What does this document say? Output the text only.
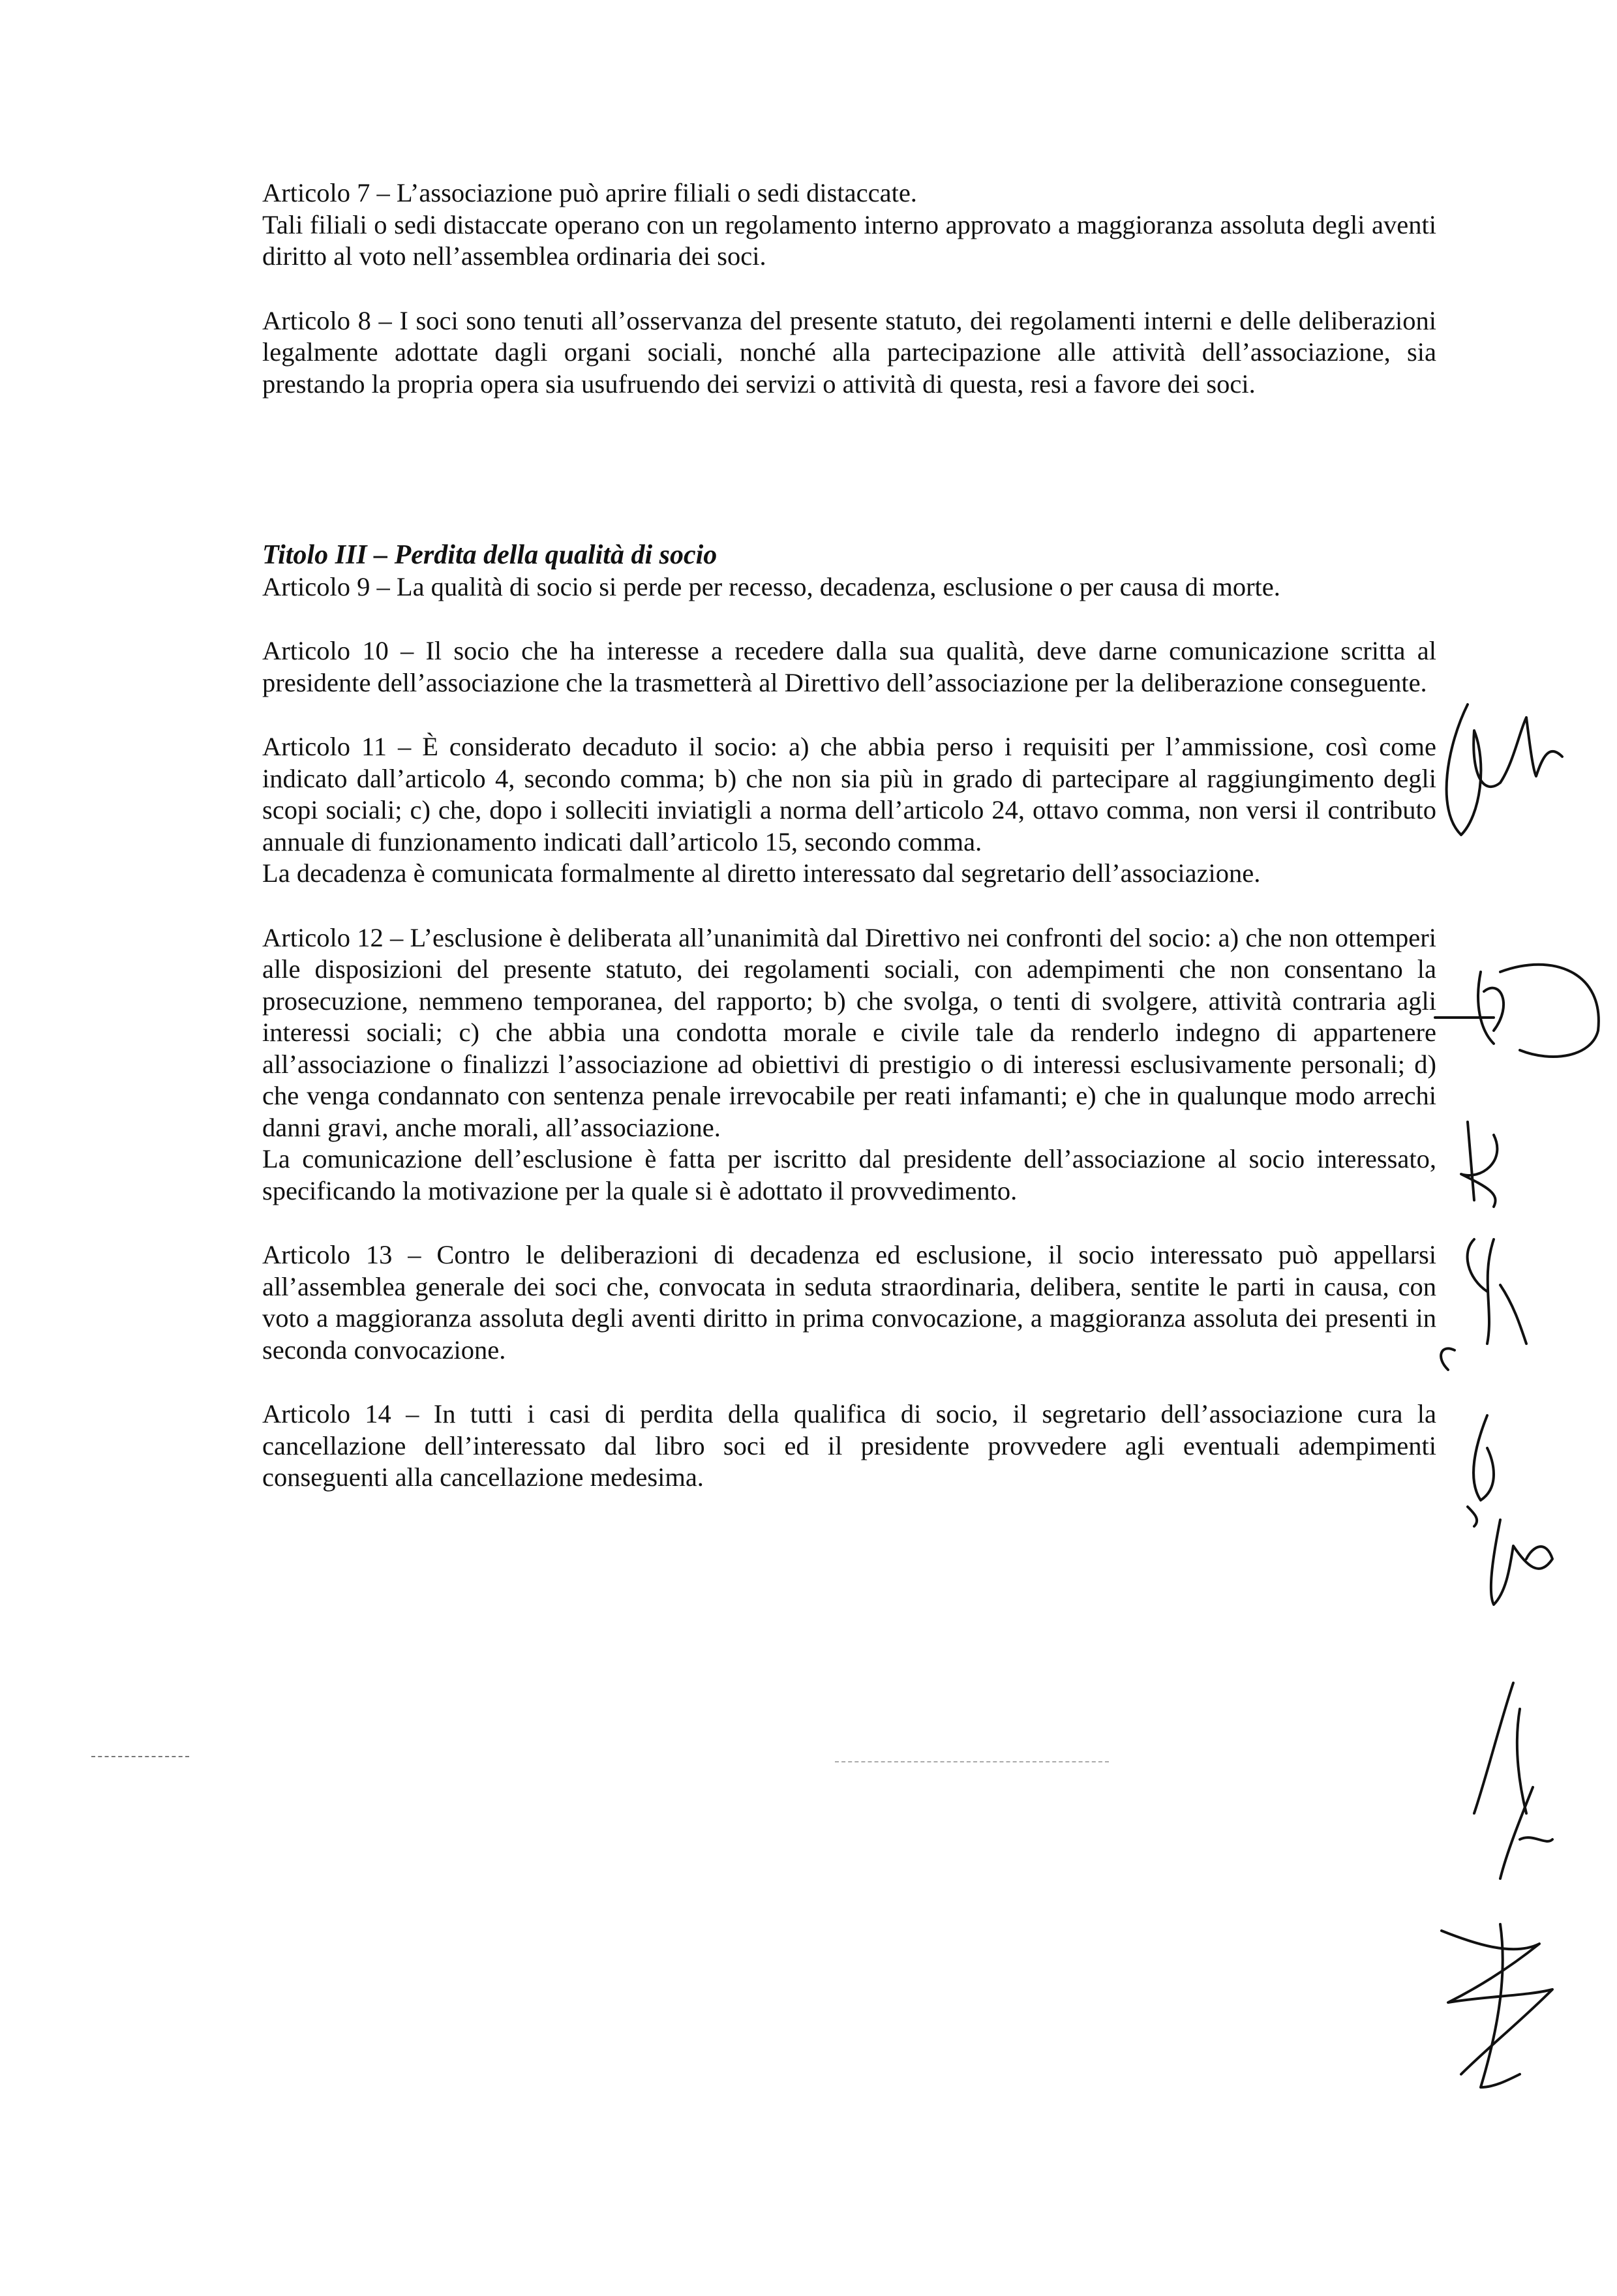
Articolo 7 – L’associazione può aprire filiali o sedi distaccate.

Tali filiali o sedi distaccate operano con un regolamento interno approvato a maggioranza assoluta degli aventi diritto al voto nell’assemblea ordinaria dei soci.

Articolo 8 – I soci sono tenuti all’osservanza del presente statuto, dei regolamenti interni e delle deliberazioni legalmente adottate dagli organi sociali, nonché alla partecipazione alle attività dell’associazione, sia prestando la propria opera sia usufruendo dei servizi o attività di questa, resi a favore dei soci.

Titolo III – Perdita della qualità di socio

Articolo 9 – La qualità di socio si perde per recesso, decadenza, esclusione o per causa di morte.

Articolo 10 – Il socio che ha interesse a recedere dalla sua qualità, deve darne comunicazione scritta al presidente dell’associazione che la trasmetterà al Direttivo dell’associazione per la deliberazione conseguente.

Articolo 11 – È considerato decaduto il socio: a) che abbia perso i requisiti per l’ammissione, così come indicato dall’articolo 4, secondo comma; b) che non sia più in grado di partecipare al raggiungimento degli scopi sociali; c) che, dopo i solleciti inviatigli a norma dell’articolo 24, ottavo comma, non versi il contributo annuale di funzionamento indicati dall’articolo 15, secondo comma.

La decadenza è comunicata formalmente al diretto interessato dal segretario dell’associazione.

Articolo 12 – L’esclusione è deliberata all’unanimità dal Direttivo nei confronti del socio: a) che non ottemperi alle disposizioni del presente statuto, dei regolamenti sociali, con adempimenti che non consentano la prosecuzione, nemmeno temporanea, del rapporto; b) che svolga, o tenti di svolgere, attività contraria agli interessi sociali; c) che abbia una condotta morale e civile tale da renderlo indegno di appartenere all’associazione o finalizzi l’associazione ad obiettivi di prestigio o di interessi esclusivamente personali; d) che venga condannato con sentenza penale irrevocabile per reati infamanti; e) che in qualunque modo arrechi danni gravi, anche morali, all’associazione.

La comunicazione dell’esclusione è fatta per iscritto dal presidente dell’associazione al socio interessato, specificando la motivazione per la quale si è adottato il provvedimento.

Articolo 13 – Contro le deliberazioni di decadenza ed esclusione, il socio interessato può appellarsi all’assemblea generale dei soci che, convocata in seduta straordinaria, delibera, sentite le parti in causa, con voto a maggioranza assoluta degli aventi diritto in prima convocazione, a maggioranza assoluta dei presenti in seconda convocazione.

Articolo 14 – In tutti i casi di perdita della qualifica di socio, il segretario dell’associazione cura la cancellazione dell’interessato dal libro soci ed il presidente provvedere agli eventuali adempimenti conseguenti alla cancellazione medesima.
